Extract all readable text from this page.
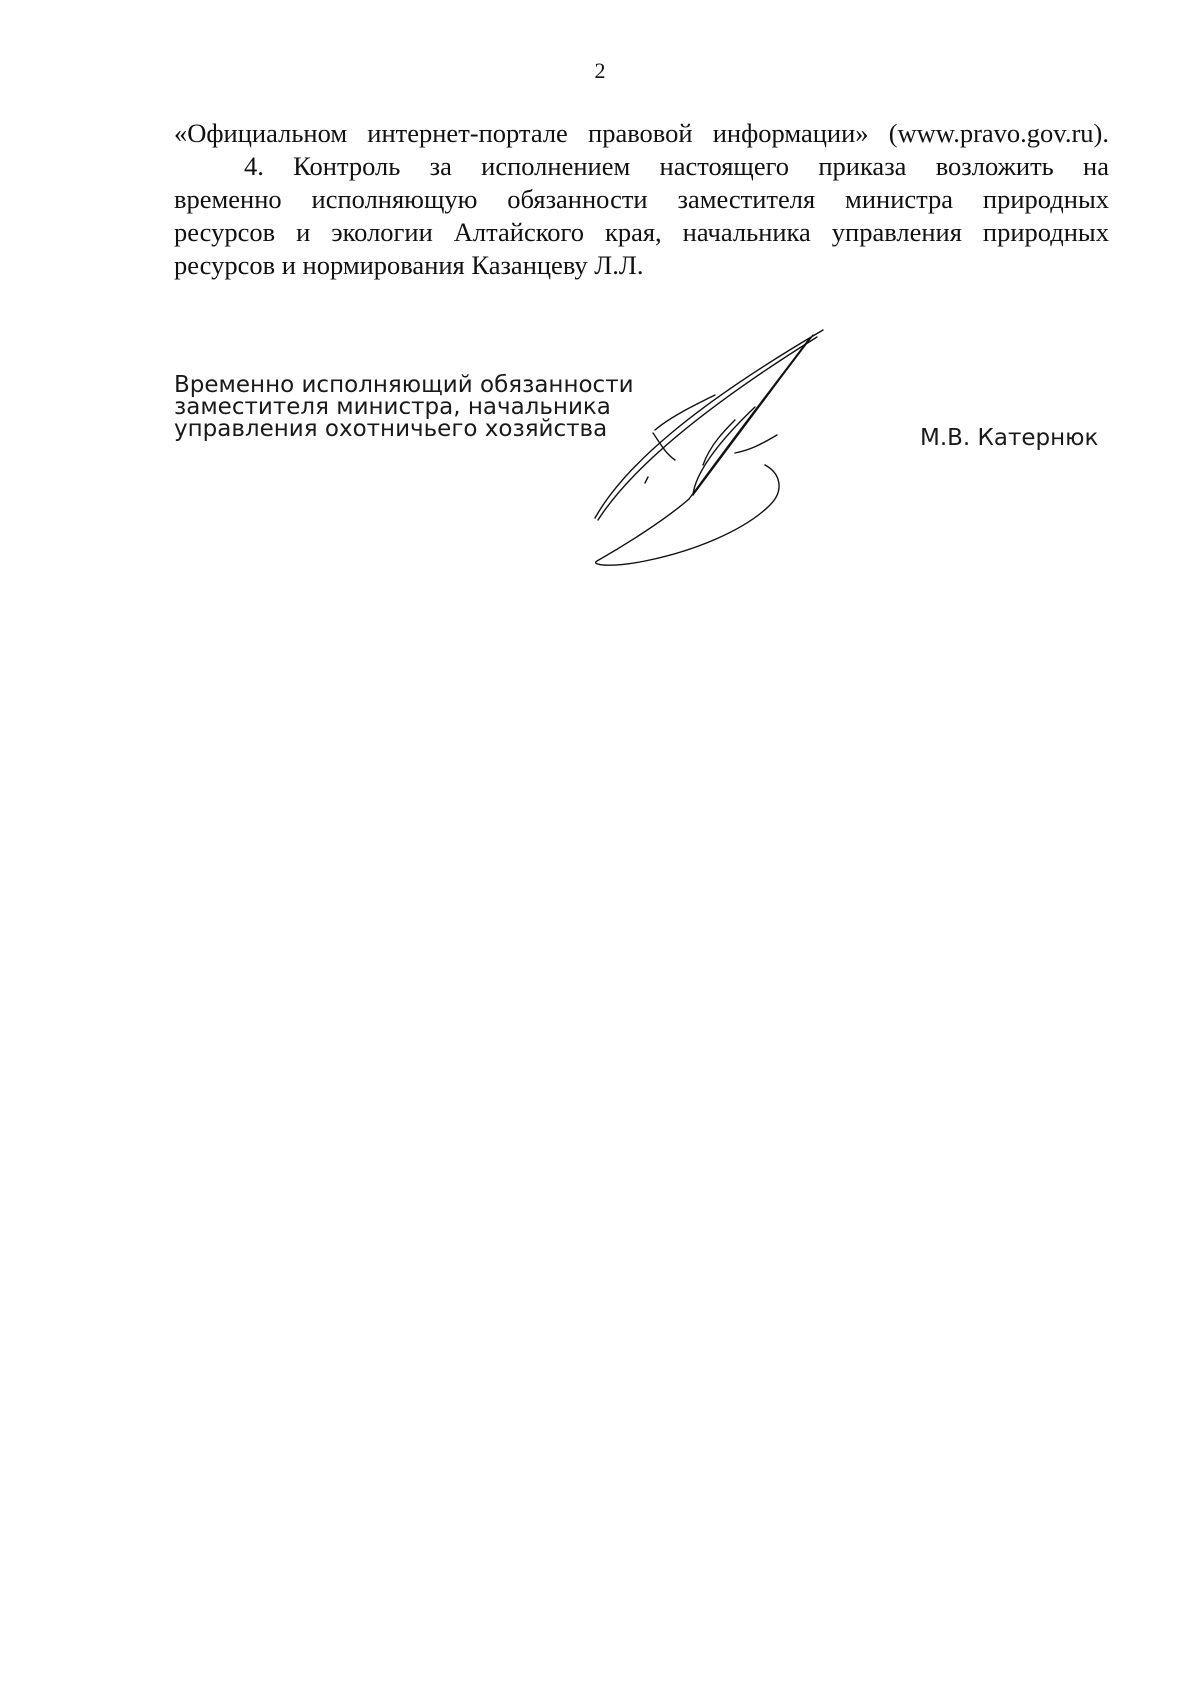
2
«Официальном интернет-портале правовой информации» (www.pravo.gov.ru).
4. Контроль за исполнением настоящего приказа возложить на
временно исполняющую обязанности заместителя министра природных
ресурсов и экологии Алтайского края, начальника управления природных
ресурсов и нормирования Казанцеву Л.Л.
Временно исполняющий обязанности
заместителя министра, начальника
управления охотничьего хозяйства	М.В. Катернюк
